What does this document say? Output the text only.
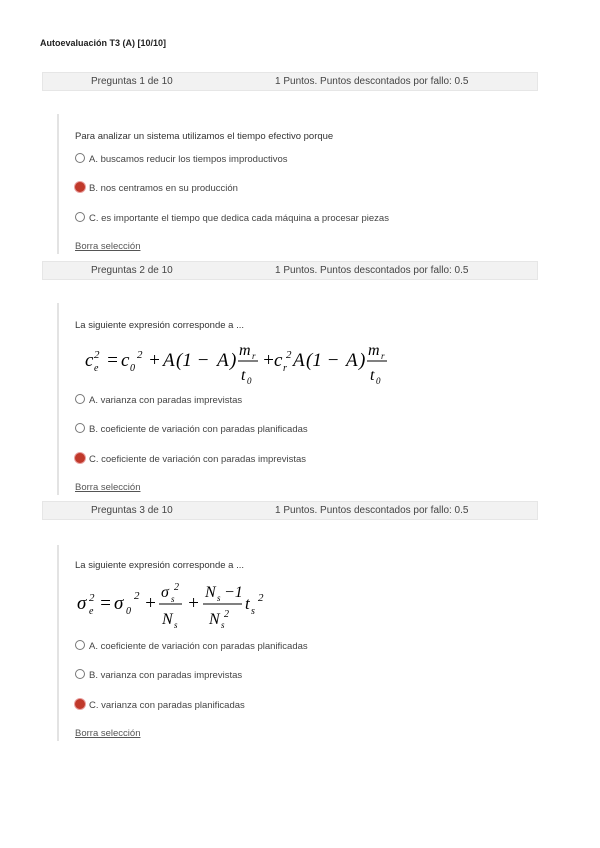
Autoevaluación T3 (A) [10/10]
Preguntas 1 de 10	1 Puntos. Puntos descontados por fallo: 0.5
Para analizar un sistema utilizamos el tiempo efectivo porque
A. buscamos reducir los tiempos improductivos
B. nos centramos en su producción
C. es importante el tiempo que dedica cada máquina a procesar piezas
Borra selección
Preguntas 2 de 10	1 Puntos. Puntos descontados por fallo: 0.5
La siguiente expresión corresponde a ...
c 2
e = c 0
2 + A (1 − A ) m r
t 0
+ c r
2 A (1 − A ) m r
t 0
A. varianza con paradas imprevistas
B. coeficiente de variación con paradas planificadas
C. coeficiente de variación con paradas imprevistas
Borra selección
Preguntas 3 de 10	1 Puntos. Puntos descontados por fallo: 0.5
La siguiente expresión corresponde a ...
σ 2
e = σ 0
2 +
σ s
2
N s
+
N s −1
N s
2
t s
2
A. coeficiente de variación con paradas planificadas
B. varianza con paradas imprevistas
C. varianza con paradas planificadas
Borra selección
